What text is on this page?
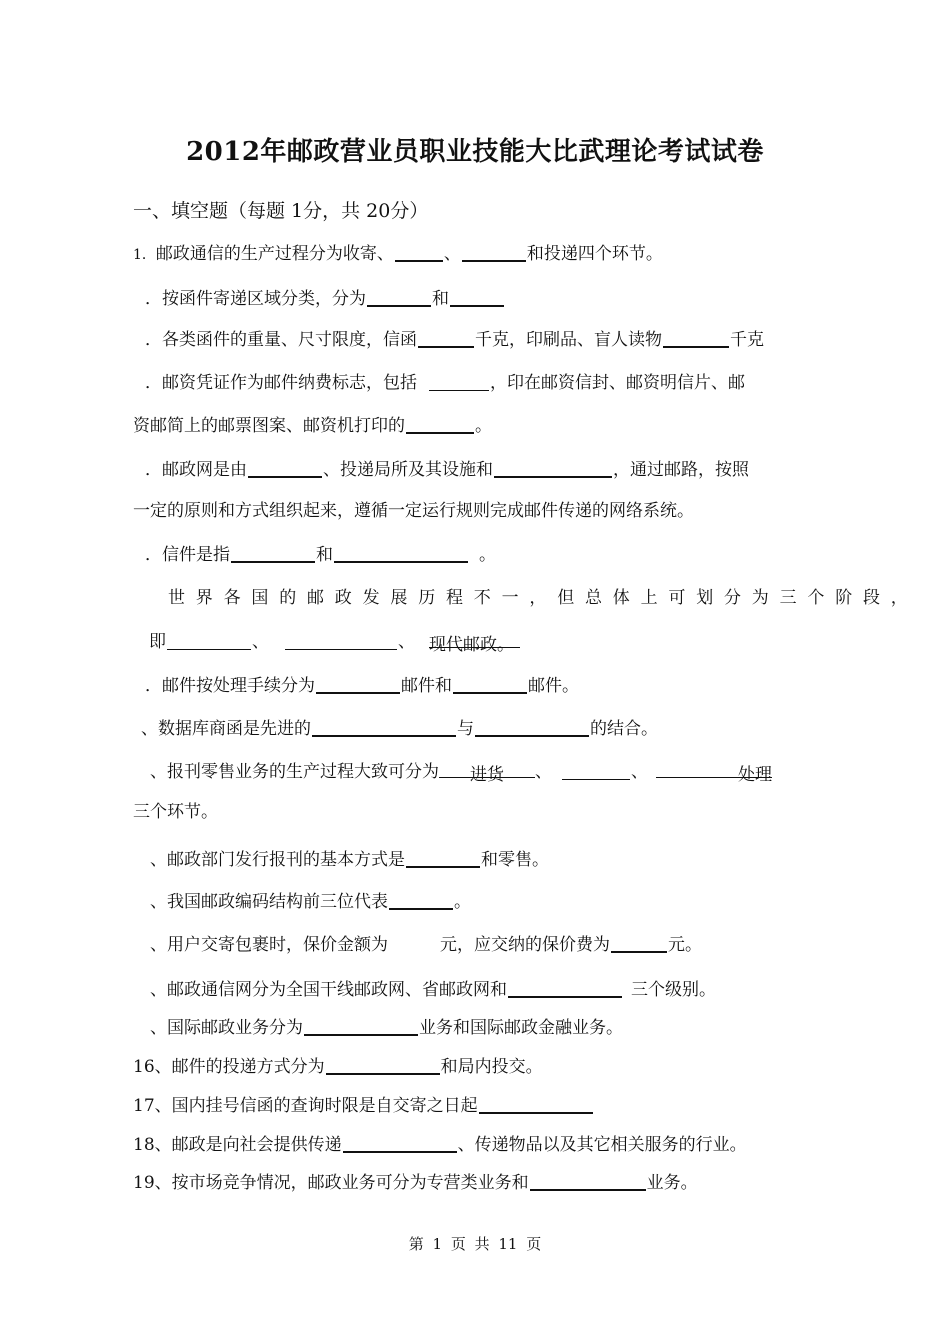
2012年邮政营业员职业技能大比武理论考试试卷
一、填空题（每题 1分，共 20分）
1．邮政通信的生产过程分为收寄、	、	和投递四个环节。
．按函件寄递区域分类，分为	和
．各类函件的重量、尺寸限度，信函	千克，印刷品、盲人读物	千克
．邮资凭证作为邮件纳费标志，包括	，印在邮资信封、邮资明信片、邮
资邮简上的邮票图案、邮资机打印的	。
．邮政网是由	、投递局所及其设施和	，通过邮路，按照
一定的原则和方式组织起来，遵循一定运行规则完成邮件传递的网络系统。
．信件是指	和	。
世界各国的邮政发展历程不一，但总体上可划分为三个阶段，
即	、	、 现代邮政。
．邮件按处理手续分为	邮件和	邮件。
、数据库商函是先进的	与	的结合。
、报刊零售业务的生产过程大致可分为 进货 、	、	处理
三个环节。
、邮政部门发行报刊的基本方式是	和零售。
、我国邮政编码结构前三位代表	。
、用户交寄包裹时，保价金额为	元，应交纳的保价费为	元。
、邮政通信网分为全国干线邮政网、省邮政网和	三个级别。
、国际邮政业务分为	业务和国际邮政金融业务。
16、邮件的投递方式分为	和局内投交。
17、国内挂号信函的查询时限是自交寄之日起
18、邮政是向社会提供传递	、传递物品以及其它相关服务的行业。
19、按市场竞争情况，邮政业务可分为专营类业务和	业务。
第 1 页 共 11 页
